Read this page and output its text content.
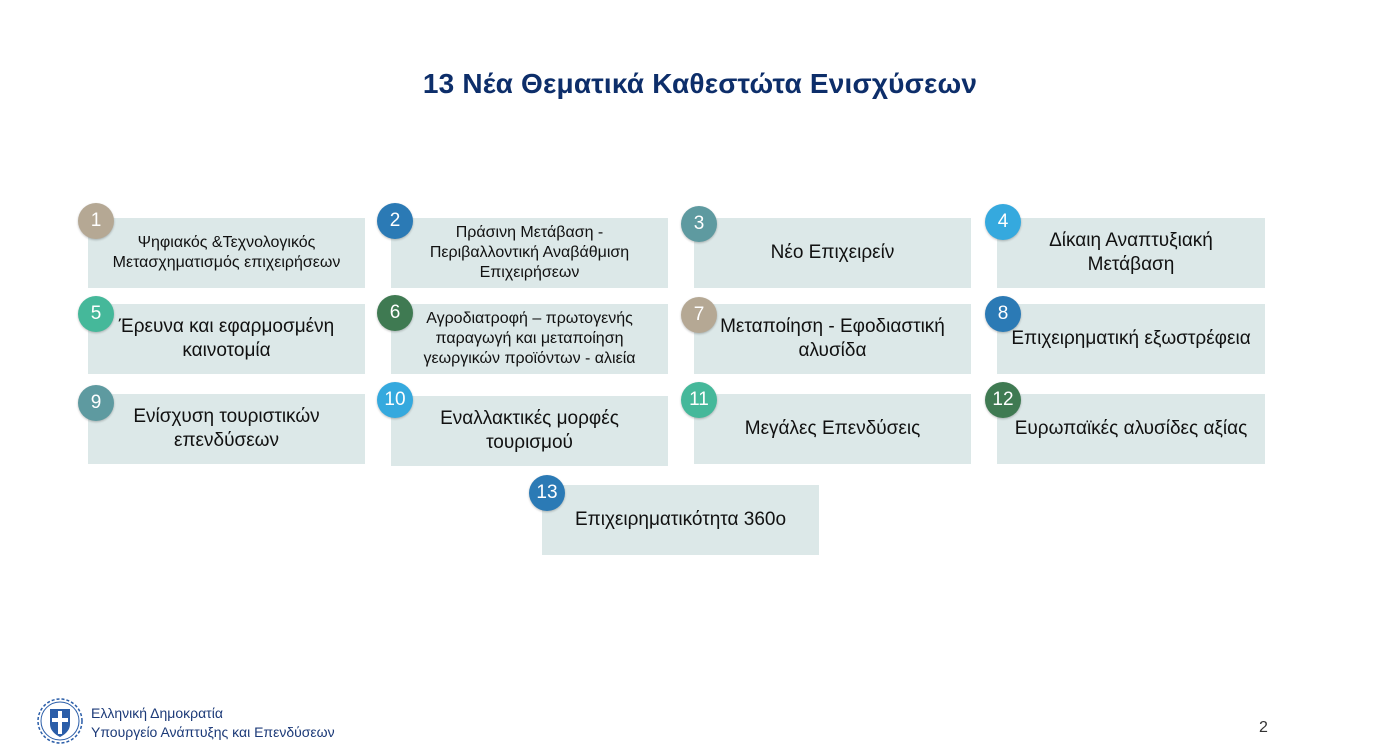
13 Νέα Θεματικά Καθεστώτα Ενισχύσεων
Ψηφιακός &Τεχνολογικός Μετασχηματισμός επιχειρήσεων
Πράσινη Μετάβαση - Περιβαλλοντική Αναβάθμιση Επιχειρήσεων
Νέο Επιχειρείν
Δίκαιη Αναπτυξιακή Μετάβαση
Έρευνα και εφαρμοσμένη καινοτομία
Αγροδιατροφή – πρωτογενής παραγωγή και μεταποίηση γεωργικών προϊόντων - αλιεία
Μεταποίηση - Εφοδιαστική αλυσίδα
Επιχειρηματική εξωστρέφεια
Ενίσχυση τουριστικών επενδύσεων
Εναλλακτικές μορφές τουρισμού
Μεγάλες Επενδύσεις	Ευρωπαϊκές αλυσίδες αξίας
Επιχειρηματικότητα 360ο
1	2	3	4
5	6	7	8
9	10	11	12
13
Ελληνική Δημοκρατία
Υπουργείο Ανάπτυξης και Επενδύσεων	2
